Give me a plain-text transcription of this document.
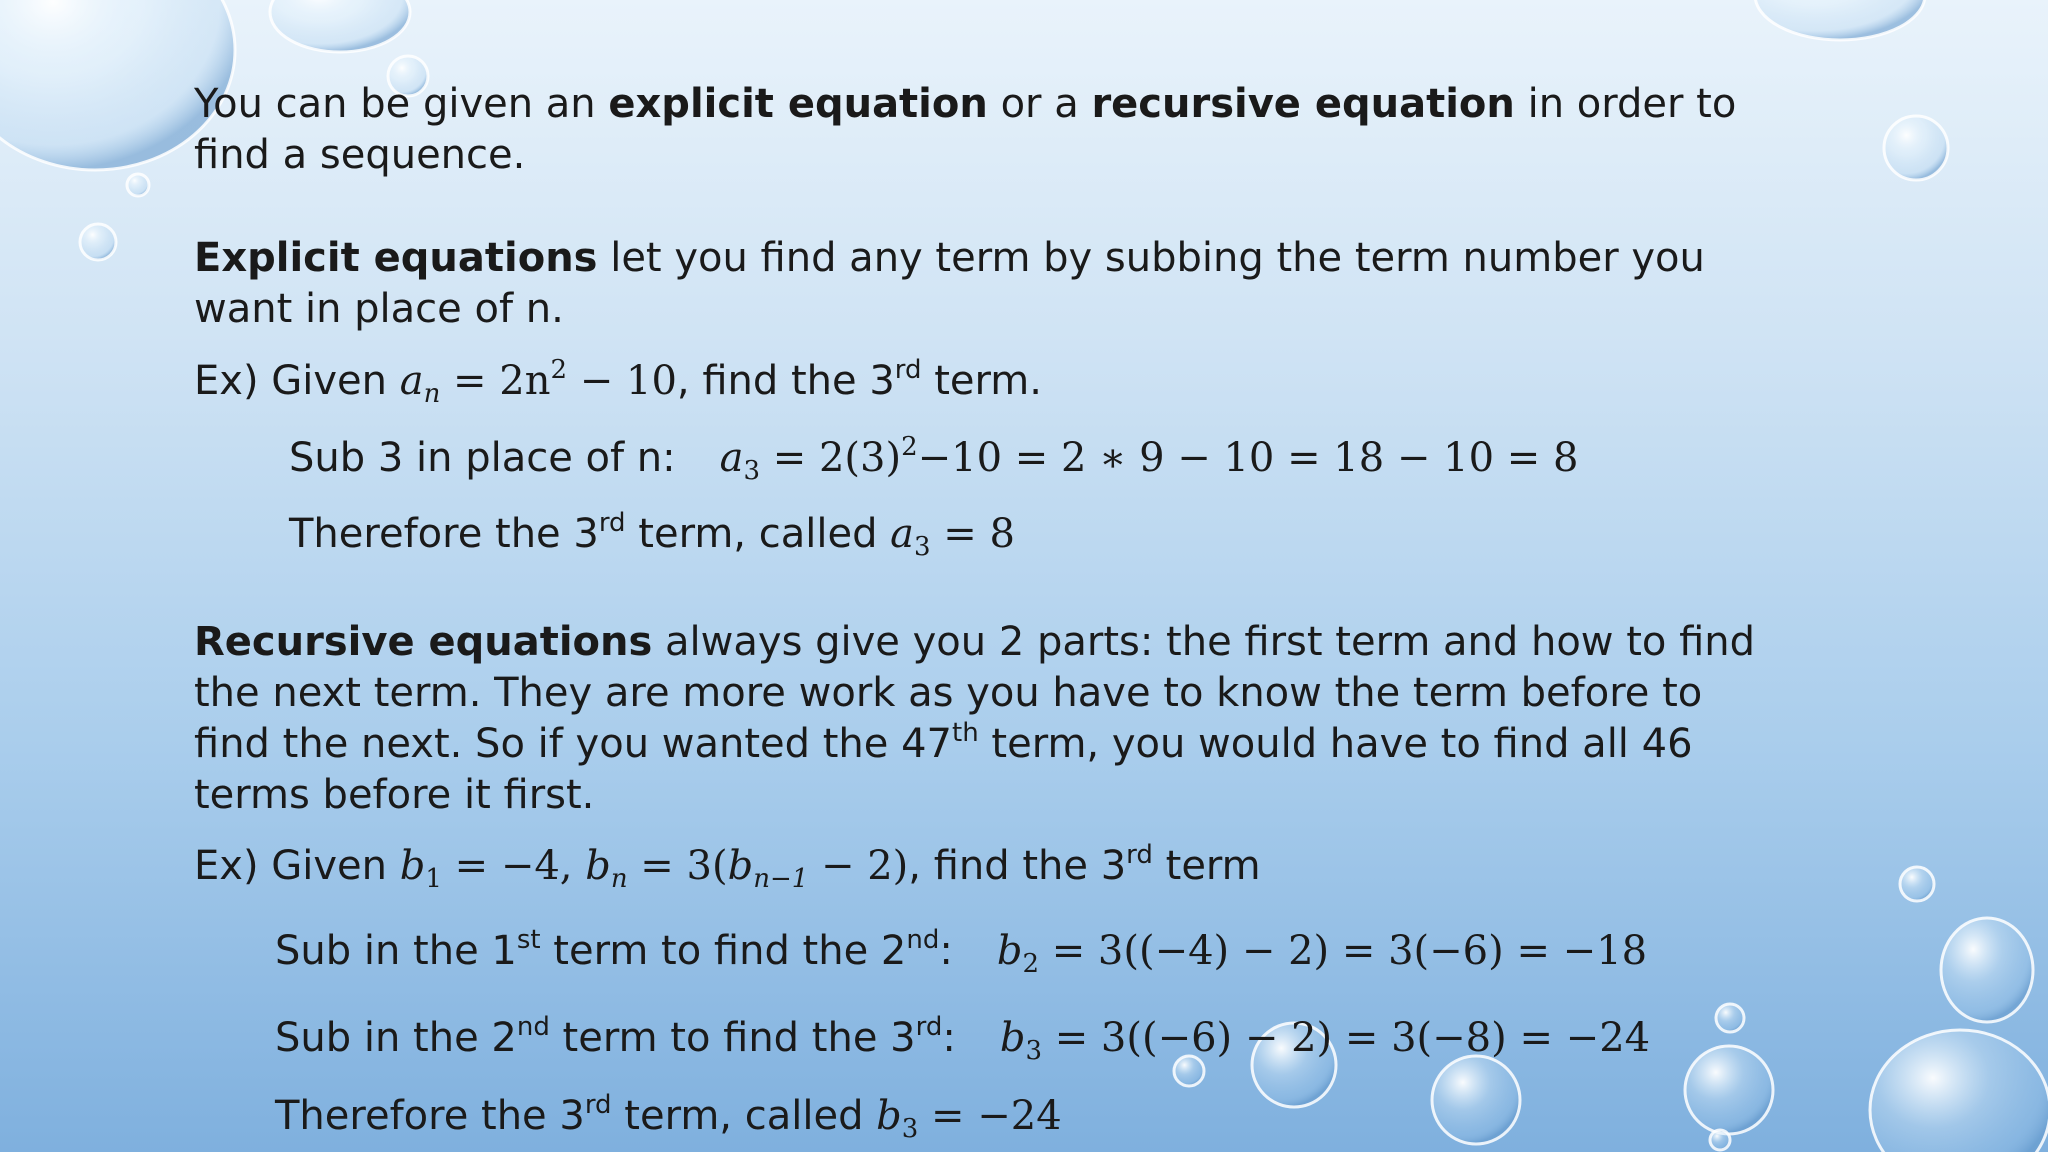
You can be given an explicit equation or a recursive equation in order to
find a sequence.
Explicit equations let you find any term by subbing the term number you
want in place of n.
Ex) Given $a_n = 2n^2 - 10$, find the 3rd term.
Sub 3 in place of n: $a_3 = 2(3)^2-10 = 2$ ∗ 9 − 10 = 18 − 10 = 8
Therefore the 3rd term, called $a_3 = 8$
Recursive equations always give you 2 parts: the first term and how to find
the next term. They are more work as you have to know the term before to
find the next. So if you wanted the 47th term, you would have to find all 46
terms before it first.
Ex) Given $b_1 = -4$, $b_n = 3(b_{n-1} - 2)$, find the 3rd term
Sub in the 1st term to find the 2nd: $b_2 = 3((-4) - 2) = 3(-6) = -18$
Sub in the 2nd term to find the 3rd: $b_3 = 3((-6) - 2) = 3(-8) = -24$
Therefore the 3rd term, called $b_3 = -24$
